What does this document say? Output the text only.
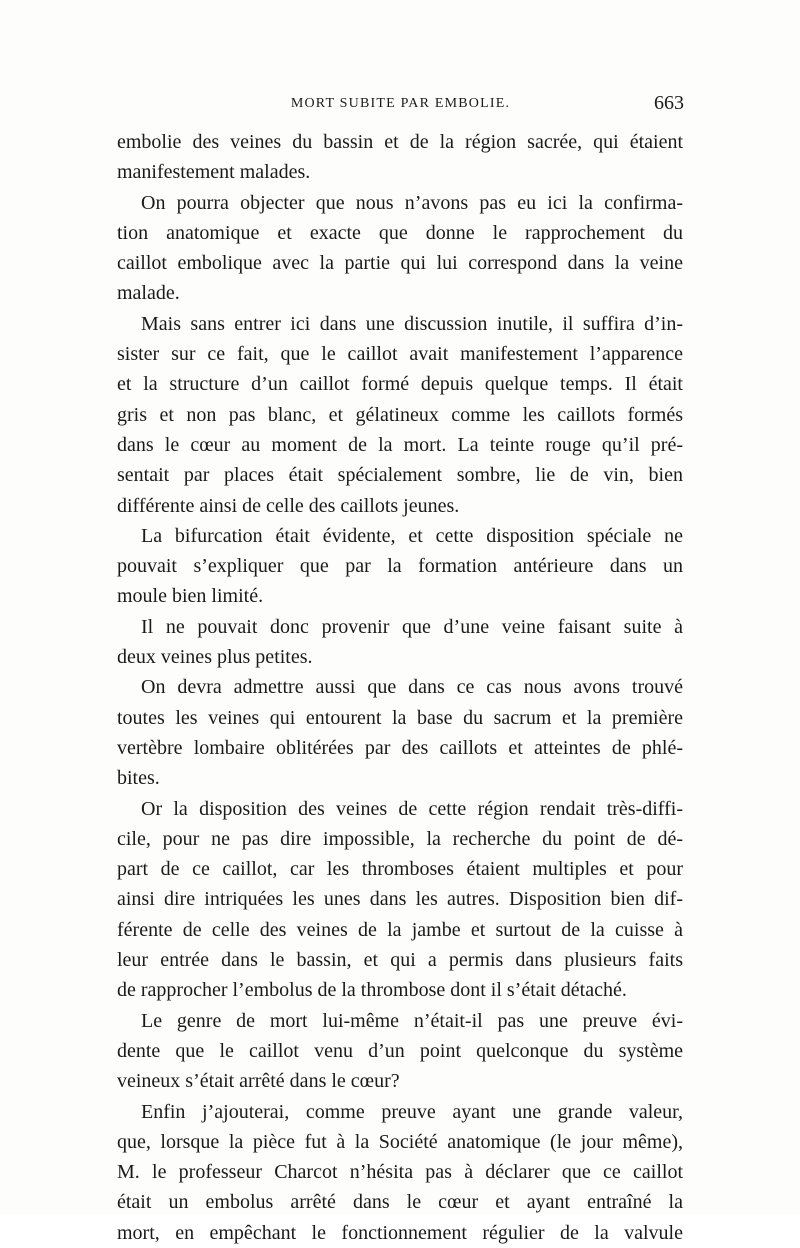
MORT SUBITE PAR EMBOLIE.	663
embolie des veines du bassin et de la région sacrée, qui étaient
manifestement malades.
On pourra objecter que nous n’avons pas eu ici la confirma-
tion anatomique et exacte que donne le rapprochement du
caillot embolique avec la partie qui lui correspond dans la veine
malade.
Mais sans entrer ici dans une discussion inutile, il suffira d’in-
sister sur ce fait, que le caillot avait manifestement l’apparence
et la structure d’un caillot formé depuis quelque temps. Il était
gris et non pas blanc, et gélatineux comme les caillots formés
dans le cœur au moment de la mort. La teinte rouge qu’il pré-
sentait par places était spécialement sombre, lie de vin, bien
différente ainsi de celle des caillots jeunes.
La bifurcation était évidente, et cette disposition spéciale ne
pouvait s’expliquer que par la formation antérieure dans un
moule bien limité.
Il ne pouvait donc provenir que d’une veine faisant suite à
deux veines plus petites.
On devra admettre aussi que dans ce cas nous avons trouvé
toutes les veines qui entourent la base du sacrum et la première
vertèbre lombaire oblitérées par des caillots et atteintes de phlé-
bites.
Or la disposition des veines de cette région rendait très-diffi-
cile, pour ne pas dire impossible, la recherche du point de dé-
part de ce caillot, car les thromboses étaient multiples et pour
ainsi dire intriquées les unes dans les autres. Disposition bien dif-
férente de celle des veines de la jambe et surtout de la cuisse à
leur entrée dans le bassin, et qui a permis dans plusieurs faits
de rapprocher l’embolus de la thrombose dont il s’était détaché.
Le genre de mort lui-même n’était-il pas une preuve évi-
dente que le caillot venu d’un point quelconque du système
veineux s’était arrêté dans le cœur?
Enfin j’ajouterai, comme preuve ayant une grande valeur,
que, lorsque la pièce fut à la Société anatomique (le jour même),
M. le professeur Charcot n’hésita pas à déclarer que ce caillot
était un embolus arrêté dans le cœur et ayant entraîné la
mort, en empêchant le fonctionnement régulier de la valvule
